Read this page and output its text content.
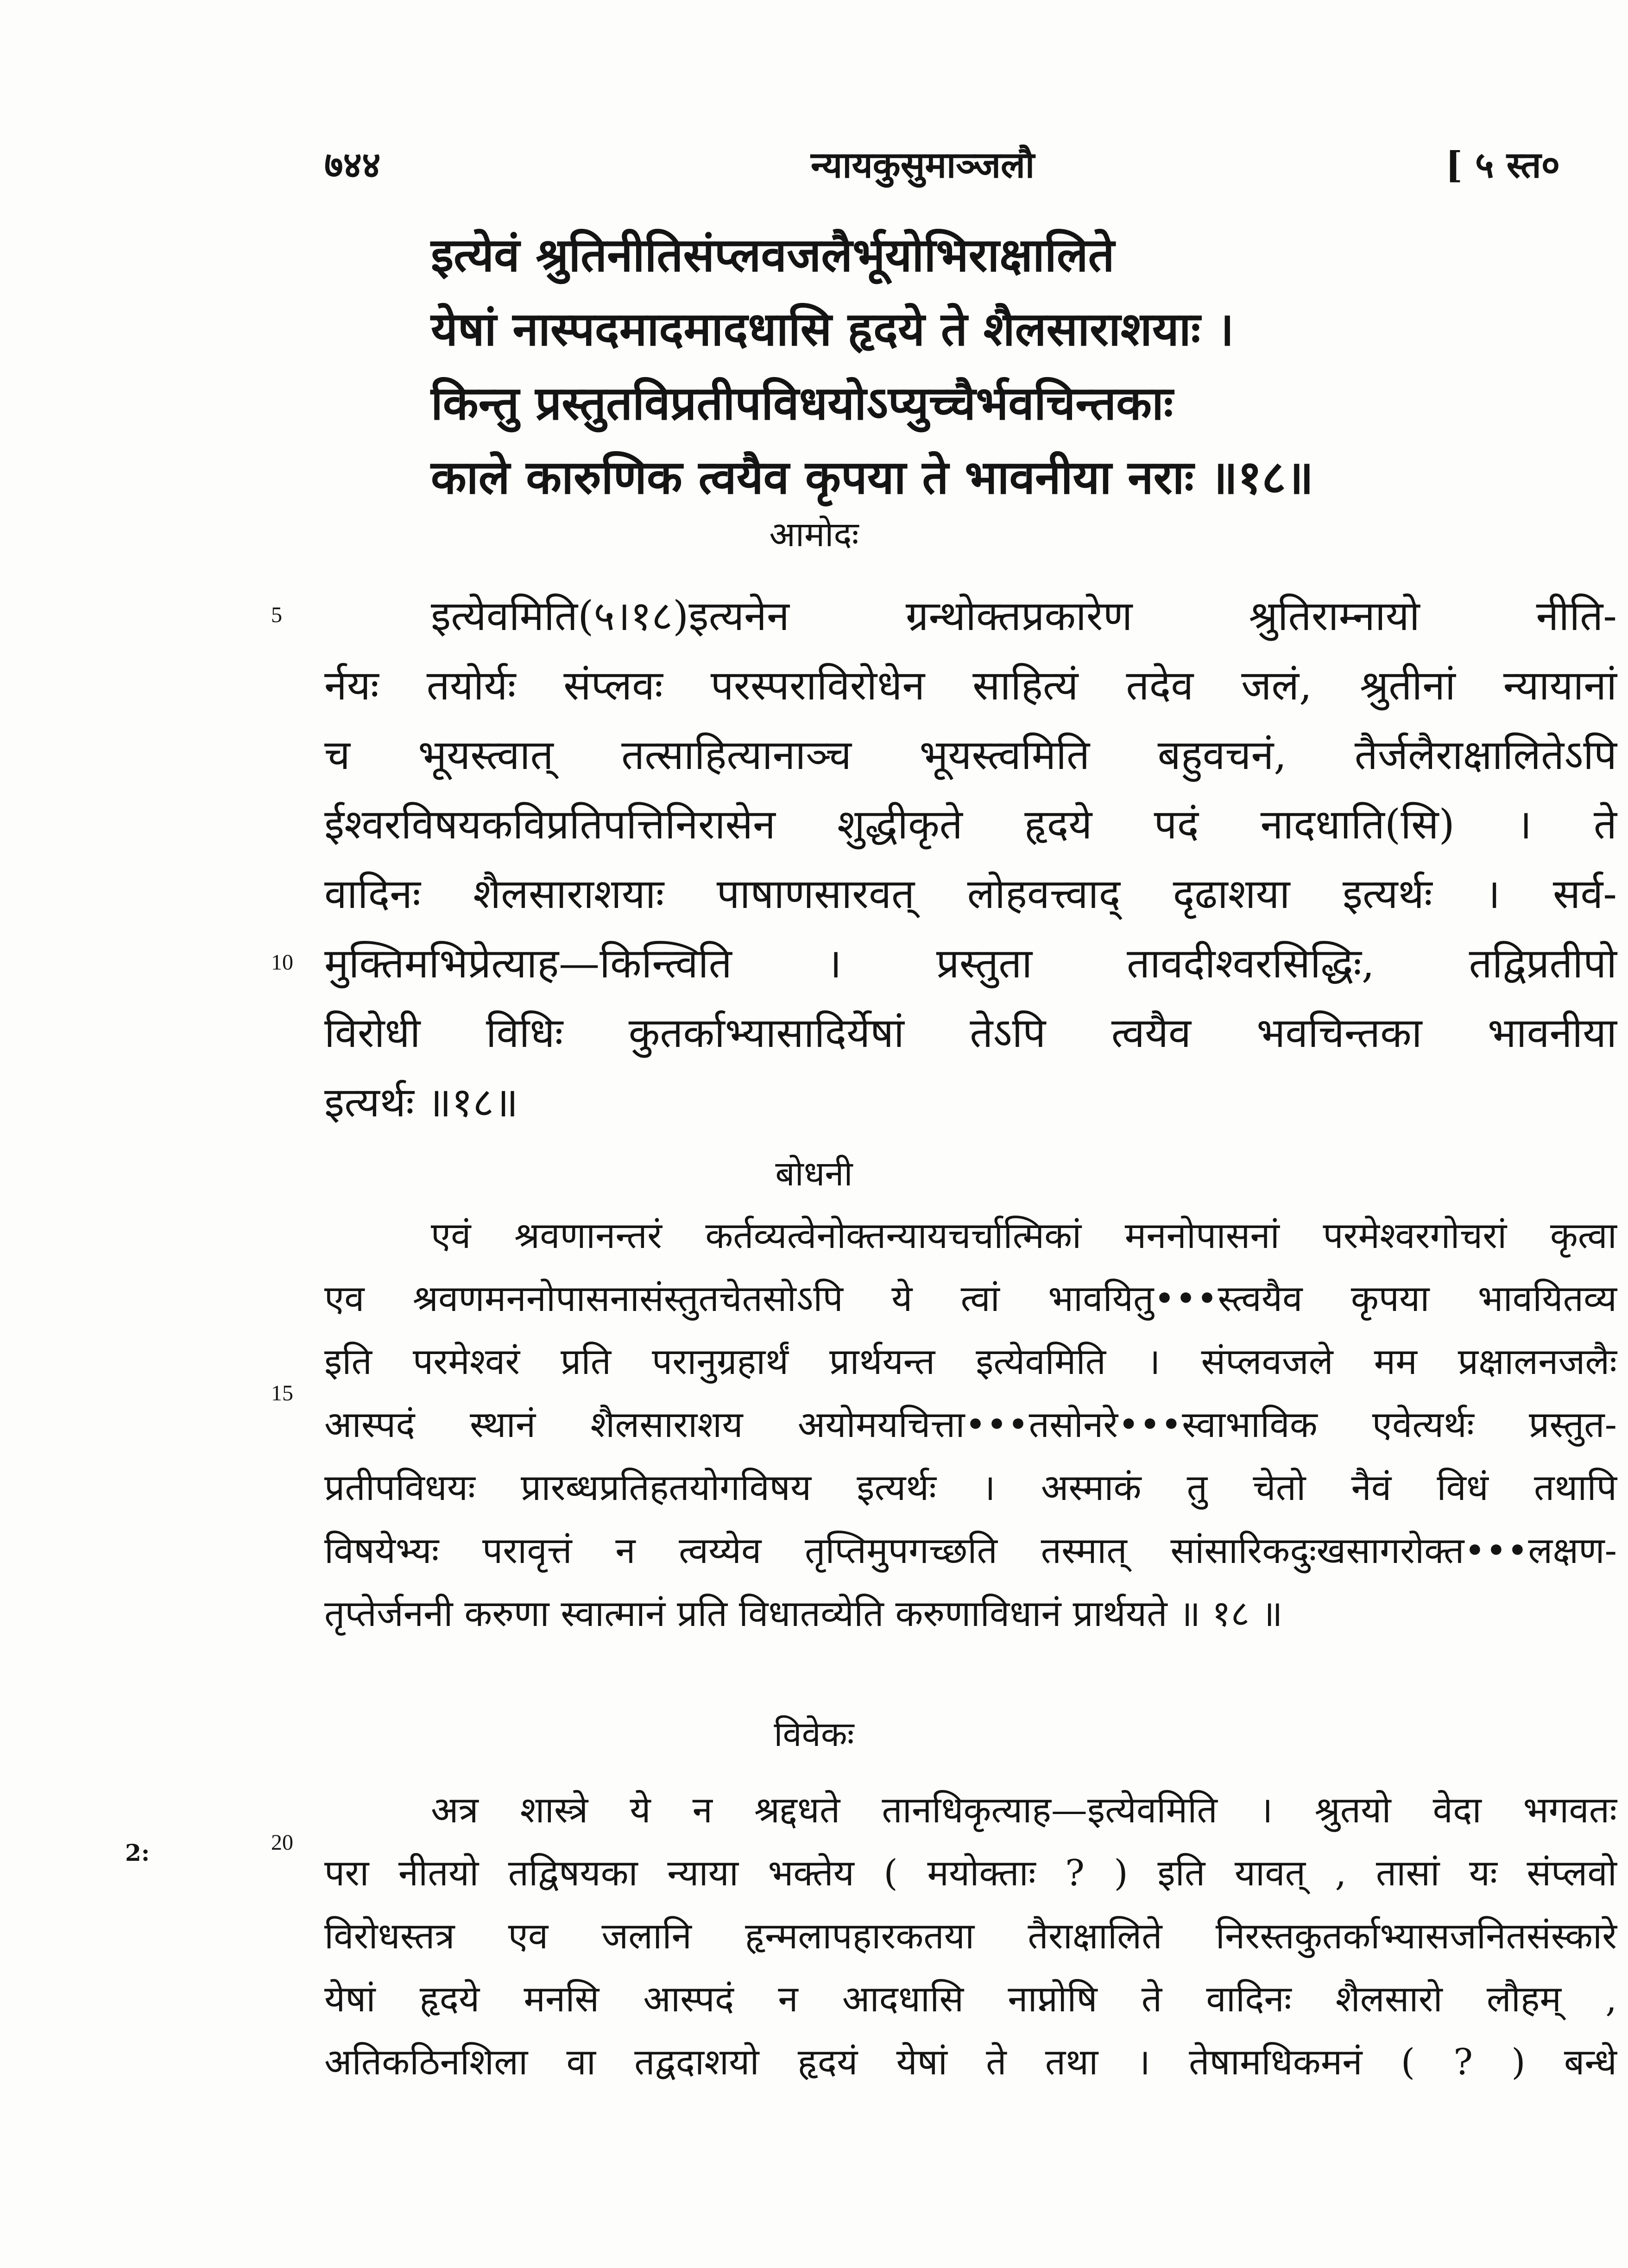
७४४	न्यायकुसुमाञ्जलौ	[ ५ स्त०
इत्येवं श्रुतिनीतिसंप्लवजलैर्भूयोभिराक्षालिते
येषां नास्पदमादमादधासि हृदये ते शैलसाराशयाः ।
किन्तु प्रस्तुतविप्रतीपविधयोऽप्युच्चैर्भवचिन्तकाः
काले कारुणिक त्वयैव कृपया ते भावनीया नराः ॥१८॥
आमोदः
5
10
15
20
2:
इत्येवमिति(५।१८)इत्यनेन ग्रन्थोक्तप्रकारेण श्रुतिराम्नायो नीति-
र्नयः तयोर्यः संप्लवः परस्पराविरोधेन साहित्यं तदेव जलं, श्रुतीनां न्यायानां
च भूयस्त्वात् तत्साहित्यानाञ्च भूयस्त्वमिति बहुवचनं, तैर्जलैराक्षालितेऽपि
ईश्वरविषयकविप्रतिपत्तिनिरासेन शुद्धीकृते हृदये पदं नादधाति(सि) । ते
वादिनः शैलसाराशयाः पाषाणसारवत् लोहवत्त्वाद् दृढाशया इत्यर्थः । सर्व-
मुक्तिमभिप्रेत्याह—किन्त्विति । प्रस्तुता तावदीश्वरसिद्धिः, तद्विप्रतीपो
विरोधी विधिः कुतर्काभ्यासादिर्येषां तेऽपि त्वयैव भवचिन्तका भावनीया
इत्यर्थः ॥१८॥
बोधनी
एवं श्रवणानन्तरं कर्तव्यत्वेनोक्तन्यायचर्चात्मिकां मननोपासनां परमेश्वरगोचरां कृत्वा
एव श्रवणमननोपासनासंस्तुतचेतसोऽपि ये त्वां भावयितु•••स्त्वयैव कृपया भावयितव्य
इति परमेश्वरं प्रति परानुग्रहार्थं प्रार्थयन्त इत्येवमिति । संप्लवजले मम प्रक्षालनजलैः
आस्पदं स्थानं शैलसाराशय अयोमयचित्ता•••तसोनरे•••स्वाभाविक एवेत्यर्थः प्रस्तुत-
प्रतीपविधयः प्रारब्धप्रतिहतयोगविषय इत्यर्थः । अस्माकं तु चेतो नैवं विधं तथापि
विषयेभ्यः परावृत्तं न त्वय्येव तृप्तिमुपगच्छति तस्मात् सांसारिकदुःखसागरोक्त•••लक्षण-
तृप्तेर्जननी करुणा स्वात्मानं प्रति विधातव्येति करुणाविधानं प्रार्थयते ॥ १८ ॥
विवेकः
अत्र शास्त्रे ये न श्रद्दधते तानधिकृत्याह—इत्येवमिति । श्रुतयो वेदा भगवतः
परा नीतयो तद्विषयका न्याया भक्तेय ( मयोक्ताः ? ) इति यावत् , तासां यः संप्लवो
विरोधस्तत्र एव जलानि हृन्मलापहारकतया तैराक्षालिते निरस्तकुतर्काभ्यासजनितसंस्कारे
येषां हृदये मनसि आस्पदं न आदधासि नाप्नोषि ते वादिनः शैलसारो लौहम् ,
अतिकठिनशिला वा तद्वदाशयो हृदयं येषां ते तथा । तेषामधिकमनं ( ? ) बन्धे
